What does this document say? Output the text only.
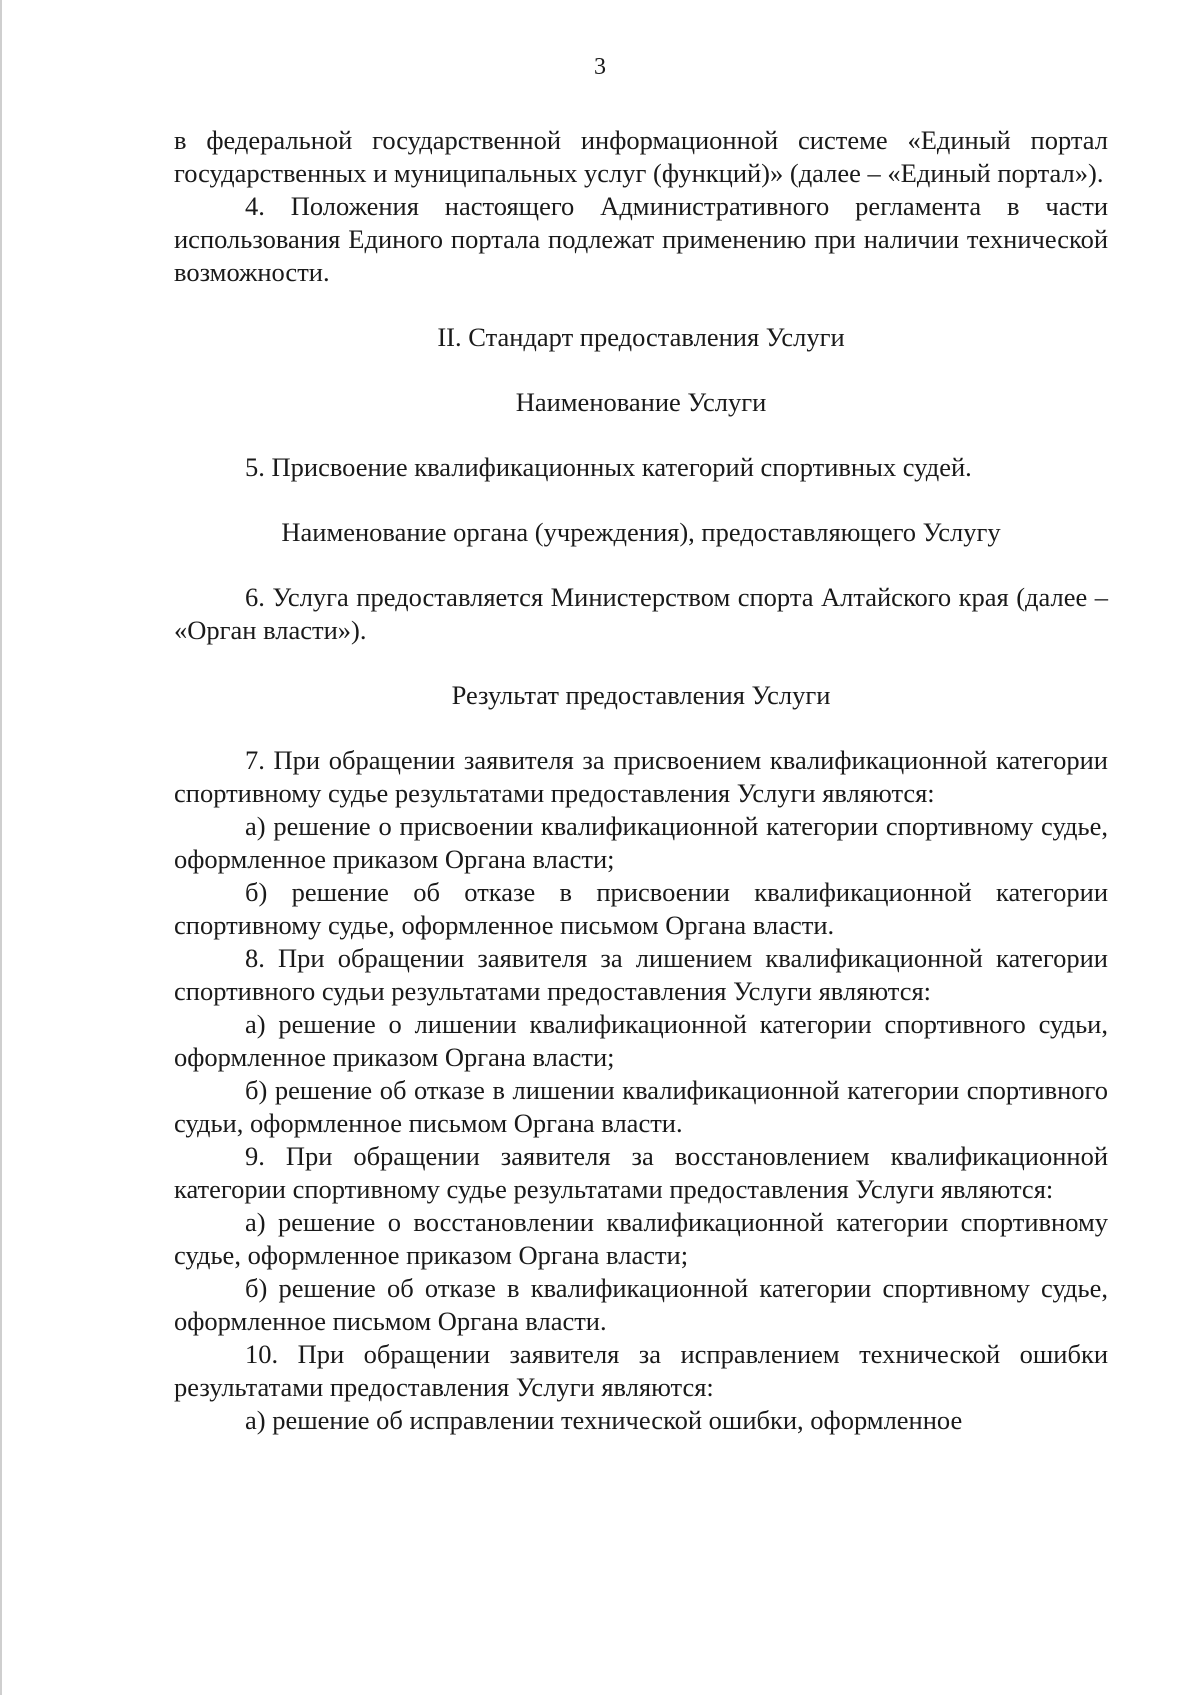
3

в федеральной государственной информационной системе «Единый портал государственных и муниципальных услуг (функций)» (далее – «Единый портал»).

4. Положения настоящего Административного регламента в части использования Единого портала подлежат применению при наличии технической возможности.

II. Стандарт предоставления Услуги
Наименование Услуги

5. Присвоение квалификационных категорий спортивных судей.

Наименование органа (учреждения), предоставляющего Услугу

6. Услуга предоставляется Министерством спорта Алтайского края (далее – «Орган власти»).

Результат предоставления Услуги

7. При обращении заявителя за присвоением квалификационной категории спортивному судье результатами предоставления Услуги являются:

а) решение о присвоении квалификационной категории спортивному судье, оформленное приказом Органа власти;

б) решение об отказе в присвоении квалификационной категории спортивному судье, оформленное письмом Органа власти.

8. При обращении заявителя за лишением квалификационной категории спортивного судьи результатами предоставления Услуги являются:

а) решение о лишении квалификационной категории спортивного судьи, оформленное приказом Органа власти;

б) решение об отказе в лишении квалификационной категории спортивного судьи, оформленное письмом Органа власти.

9. При обращении заявителя за восстановлением квалификационной категории спортивному судье результатами предоставления Услуги являются:

а) решение о восстановлении квалификационной категории спортивному судье, оформленное приказом Органа власти;

б) решение об отказе в квалификационной категории спортивному судье, оформленное письмом Органа власти.

10. При обращении заявителя за исправлением технической ошибки результатами предоставления Услуги являются:

а) решение об исправлении технической ошибки, оформленное
